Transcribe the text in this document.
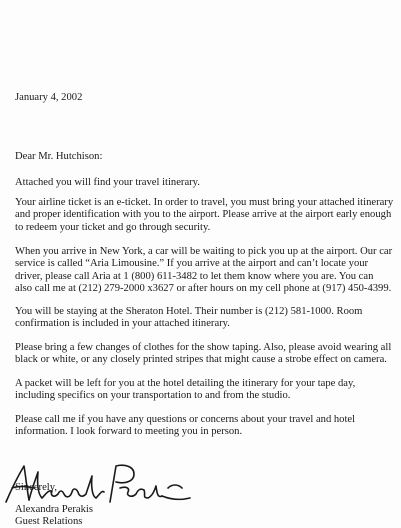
January 4, 2002
Dear Mr. Hutchison:
Attached you will find your travel itinerary.
Your airline ticket is an e-ticket. In order to travel, you must bring your attached itinerary
and proper identification with you to the airport. Please arrive at the airport early enough
to redeem your ticket and go through security.
When you arrive in New York, a car will be waiting to pick you up at the airport. Our car
service is called “Aria Limousine.” If you arrive at the airport and can’t locate your
driver, please call Aria at 1 (800) 611-3482 to let them know where you are. You can
also call me at (212) 279-2000 x3627 or after hours on my cell phone at (917) 450-4399.
You will be staying at the Sheraton Hotel. Their number is (212) 581-1000. Room
confirmation is included in your attached itinerary.
Please bring a few changes of clothes for the show taping. Also, please avoid wearing all
black or white, or any closely printed stripes that might cause a strobe effect on camera.
A packet will be left for you at the hotel detailing the itinerary for your tape day,
including specifics on your transportation to and from the studio.
Please call me if you have any questions or concerns about your travel and hotel
information. I look forward to meeting you in person.
Sincerely,
Alexandra Perakis
Guest Relations
